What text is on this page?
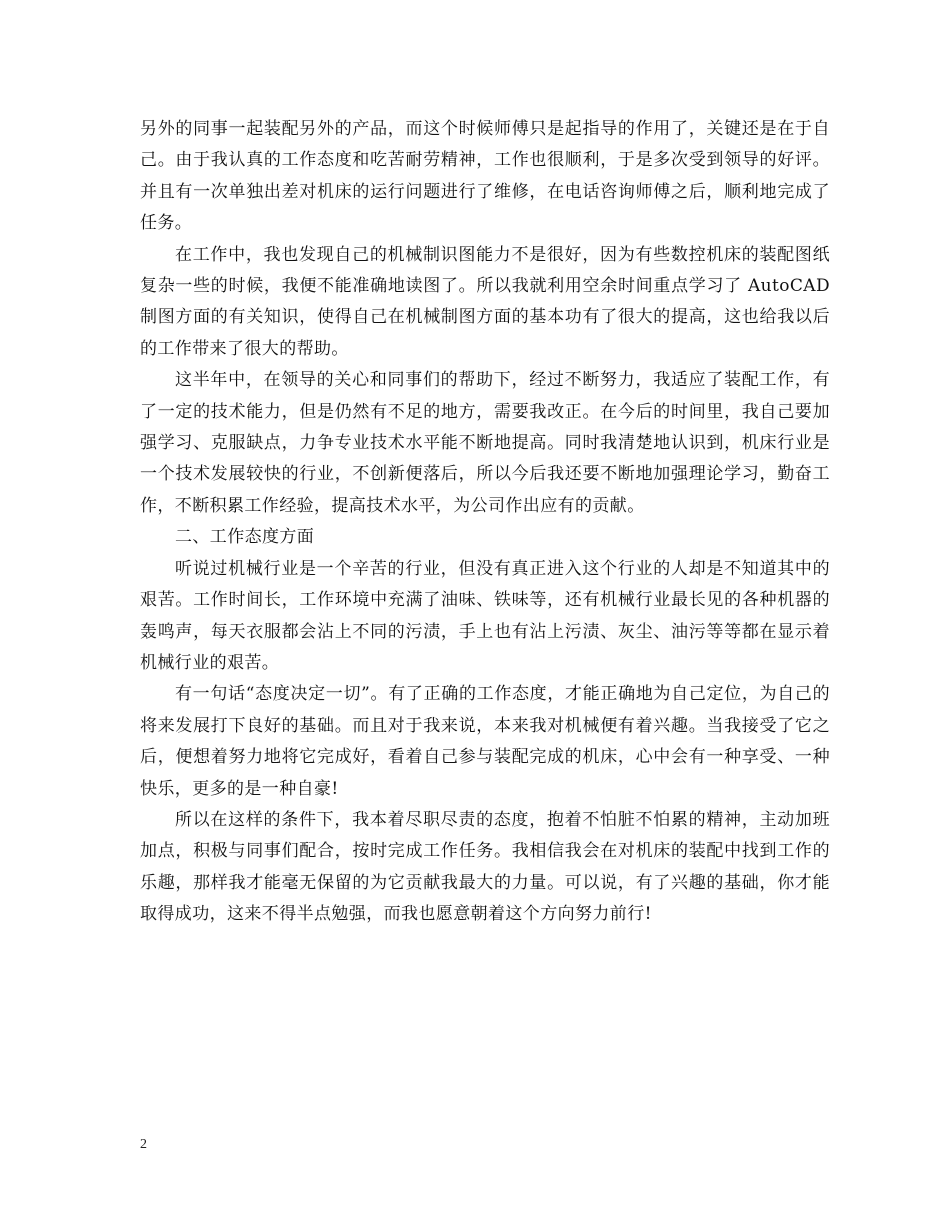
另外的同事一起装配另外的产品，而这个时候师傅只是起指导的作用了，关键还是在于自己。由于我认真的工作态度和吃苦耐劳精神，工作也很顺利，于是多次受到领导的好评。并且有一次单独出差对机床的运行问题进行了维修，在电话咨询师傅之后，顺利地完成了任务。

在工作中，我也发现自己的机械制识图能力不是很好，因为有些数控机床的装配图纸复杂一些的时候，我便不能准确地读图了。所以我就利用空余时间重点学习了 AutoCAD 制图方面的有关知识，使得自己在机械制图方面的基本功有了很大的提高，这也给我以后的工作带来了很大的帮助。

这半年中，在领导的关心和同事们的帮助下，经过不断努力，我适应了装配工作，有了一定的技术能力，但是仍然有不足的地方，需要我改正。在今后的时间里，我自己要加强学习、克服缺点，力争专业技术水平能不断地提高。同时我清楚地认识到，机床行业是一个技术发展较快的行业，不创新便落后，所以今后我还要不断地加强理论学习，勤奋工作，不断积累工作经验，提高技术水平，为公司作出应有的贡献。

二、工作态度方面

听说过机械行业是一个辛苦的行业，但没有真正进入这个行业的人却是不知道其中的艰苦。工作时间长，工作环境中充满了油味、铁味等，还有机械行业最长见的各种机器的轰鸣声，每天衣服都会沾上不同的污渍，手上也有沾上污渍、灰尘、油污等等都在显示着机械行业的艰苦。

有一句话“态度决定一切”。有了正确的工作态度，才能正确地为自己定位，为自己的将来发展打下良好的基础。而且对于我来说，本来我对机械便有着兴趣。当我接受了它之后，便想着努力地将它完成好，看着自己参与装配完成的机床，心中会有一种享受、一种快乐，更多的是一种自豪!

所以在这样的条件下，我本着尽职尽责的态度，抱着不怕脏不怕累的精神，主动加班加点，积极与同事们配合，按时完成工作任务。我相信我会在对机床的装配中找到工作的乐趣，那样我才能毫无保留的为它贡献我最大的力量。可以说，有了兴趣的基础，你才能取得成功，这来不得半点勉强，而我也愿意朝着这个方向努力前行!

2
